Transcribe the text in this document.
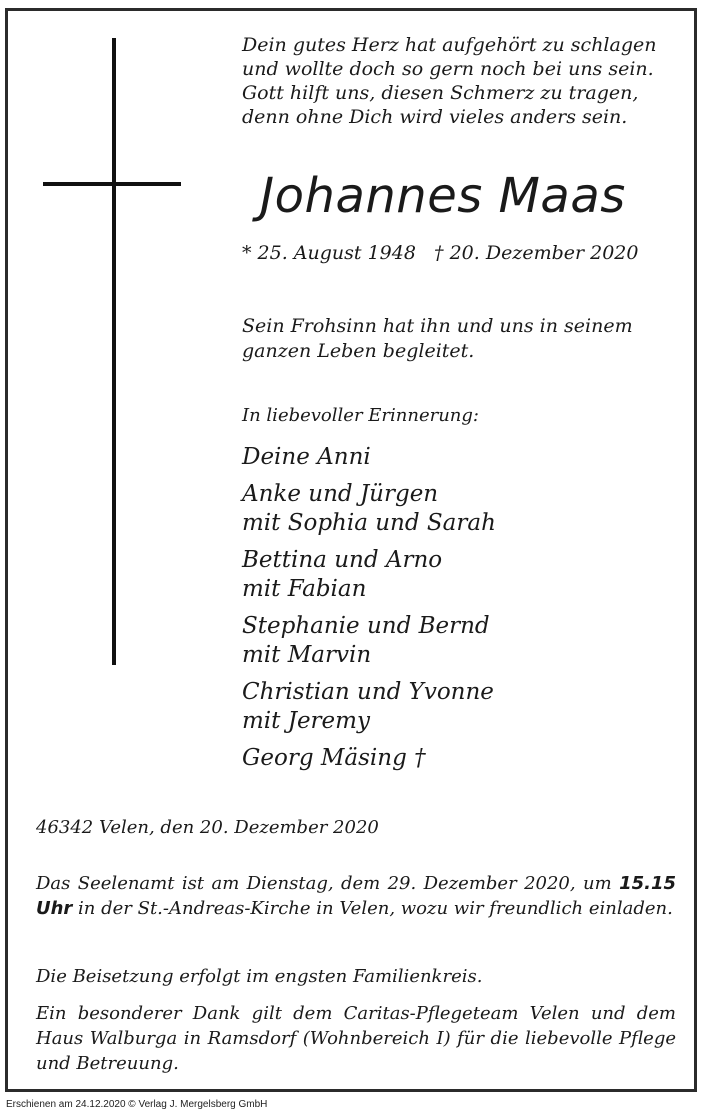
Dein gutes Herz hat aufgehört zu schlagen
und wollte doch so gern noch bei uns sein.
Gott hilft uns, diesen Schmerz zu tragen,
denn ohne Dich wird vieles anders sein.
Johannes Maas
* 25. August 1948   † 20. Dezember 2020
Sein Frohsinn hat ihn und uns in seinem
ganzen Leben begleitet.
In liebevoller Erinnerung:
Deine Anni
Anke und Jürgen
mit Sophia und Sarah
Bettina und Arno
mit Fabian
Stephanie und Bernd
mit Marvin
Christian und Yvonne
mit Jeremy
Georg Mäsing †

46342 Velen, den 20. Dezember 2020

Das Seelenamt ist am Dienstag, dem 29. Dezember 2020, um 15.15 Uhr in der St.-Andreas-Kirche in Velen, wozu wir freundlich einladen.

Die Beisetzung erfolgt im engsten Familienkreis.

Ein besonderer Dank gilt dem Caritas-Pflegeteam Velen und dem Haus Walburga in Ramsdorf (Wohnbereich I) für die liebevolle Pflege und Betreuung.

Erschienen am 24.12.2020 © Verlag J. Mergelsberg GmbH
